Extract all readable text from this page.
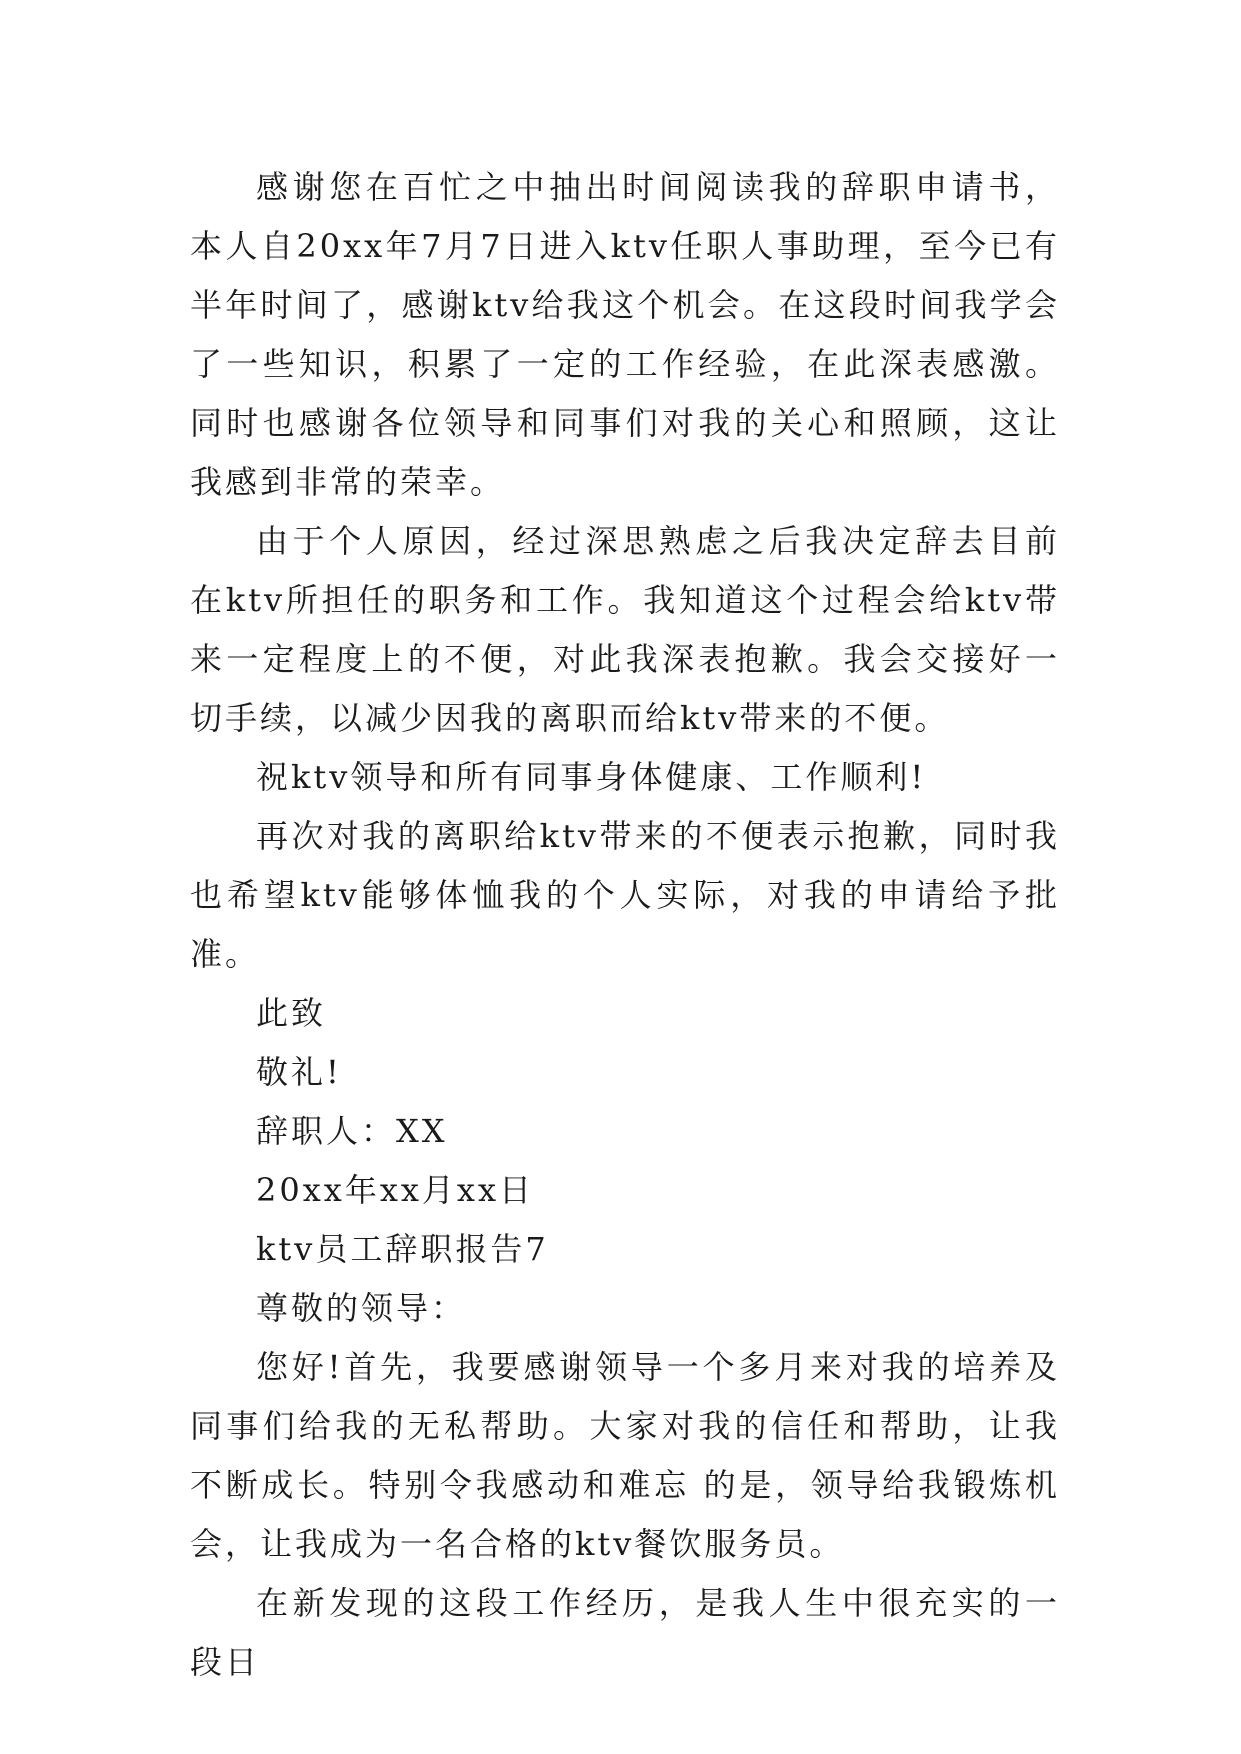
感谢您在百忙之中抽出时间阅读我的辞职申请书，本人自20xx年7月7日进入ktv任职人事助理，至今已有半年时间了，感谢ktv给我这个机会。在这段时间我学会了一些知识，积累了一定的工作经验，在此深表感激。同时也感谢各位领导和同事们对我的关心和照顾，这让我感到非常的荣幸。

由于个人原因，经过深思熟虑之后我决定辞去目前在ktv所担任的职务和工作。我知道这个过程会给ktv带来一定程度上的不便，对此我深表抱歉。我会交接好一切手续，以减少因我的离职而给ktv带来的不便。

祝ktv领导和所有同事身体健康、工作顺利!

再次对我的离职给ktv带来的不便表示抱歉，同时我也希望ktv能够体恤我的个人实际，对我的申请给予批准。

此致

敬礼!

辞职人：XX

20xx年xx月xx日

ktv员工辞职报告7

尊敬的领导：

您好!首先，我要感谢领导一个多月来对我的培养及同事们给我的无私帮助。大家对我的信任和帮助，让我不断成长。特别令我感动和难忘 的是，领导给我锻炼机会，让我成为一名合格的ktv餐饮服务员。

在新发现的这段工作经历，是我人生中很充实的一段日
